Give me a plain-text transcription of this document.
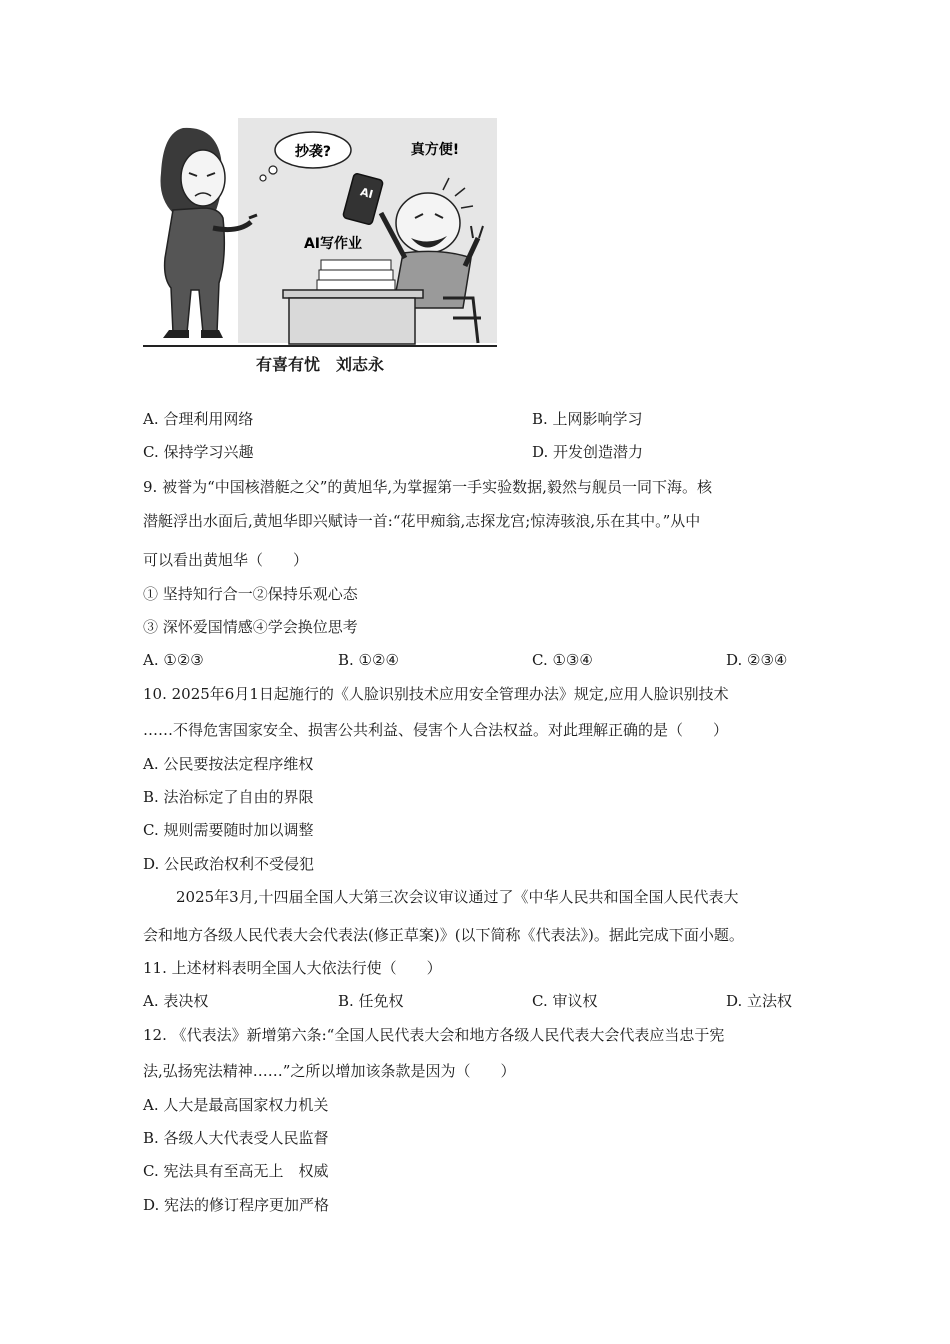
抄袭?	真方便!
AI
AI写作业
有喜有忧　刘志永
A. 合理利用网络	B. 上网影响学习
C. 保持学习兴趣	D. 开发创造潜力
9. 被誉为“中国核潜艇之父”的黄旭华,为掌握第一手实验数据,毅然与舰员一同下海。核
潜艇浮出水面后,黄旭华即兴赋诗一首:“花甲痴翁,志探龙宫;惊涛骇浪,乐在其中。”从中
可以看出黄旭华（　　）
① 坚持知行合一②保持乐观心态
③ 深怀爱国情感④学会换位思考
A. ①②③	B. ①②④	C. ①③④	D. ②③④
10. 2025年6月1日起施行的《人脸识别技术应用安全管理办法》规定,应用人脸识别技术
……不得危害国家安全、损害公共利益、侵害个人合法权益。对此理解正确的是（　　）
A. 公民要按法定程序维权
B. 法治标定了自由的界限
C. 规则需要随时加以调整
D. 公民政治权利不受侵犯
2025年3月,十四届全国人大第三次会议审议通过了《中华人民共和国全国人民代表大
会和地方各级人民代表大会代表法(修正草案)》(以下简称《代表法》)。据此完成下面小题。
11. 上述材料表明全国人大依法行使（　　）
A. 表决权	B. 任免权	C. 审议权	D. 立法权
12. 《代表法》新增第六条:“全国人民代表大会和地方各级人民代表大会代表应当忠于宪
法,弘扬宪法精神……”之所以增加该条款是因为（　　）
A. 人大是最高国家权力机关
B. 各级人大代表受人民监督
C. 宪法具有至高无上　权威
D. 宪法的修订程序更加严格
